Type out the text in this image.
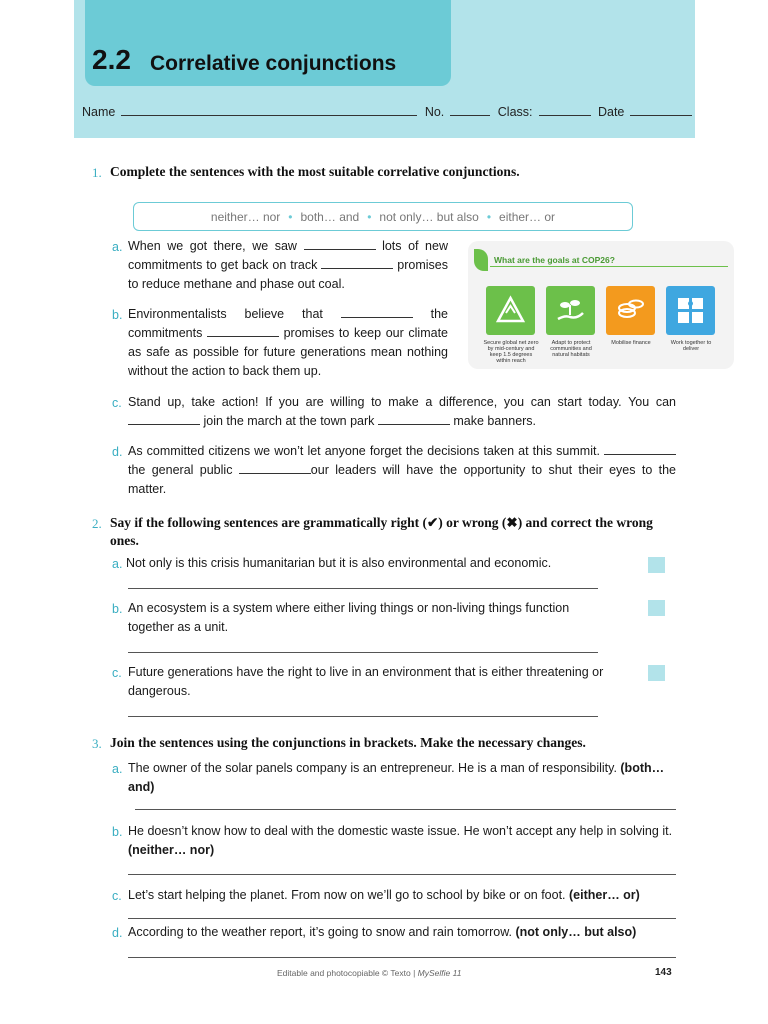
2.2 Correlative conjunctions
Name	No.	Class:	Date
1. Complete the sentences with the most suitable correlative conjunctions.
neither… nor • both… and • not only… but also • either… or
a. When we got there, we saw	lots of new commitments to get back on track	promises to reduce methane and phase out coal.
b. Environmentalists believe that	the commitments	promises to keep our climate as safe as possible for future generations mean nothing without the action to back them up.
What are the goals at COP26?
Secure global net zero by mid-century and keep 1.5 degrees within reach
Adapt to protect communities and natural habitats
Mobilise finance	Work together to deliver
c. Stand up, take action! If you are willing to make a difference, you can start today. You can  join the march at the town park	make banners.
d. As committed citizens we won’t let anyone forget the decisions taken at this summit.  the general public	our leaders will have the opportunity to shut their eyes to the matter.
2. Say if the following sentences are grammatically right (✔) or wrong (✖) and correct the wrong ones.
a. Not only is this crisis humanitarian but it is also environmental and economic.
b. An ecosystem is a system where either living things or non-living things function together as a unit.
c. Future generations have the right to live in an environment that is either threatening or dangerous.
3. Join the sentences using the conjunctions in brackets. Make the necessary changes.
a. The owner of the solar panels company is an entrepreneur. He is a man of responsibility. (both… and)
b. He doesn’t know how to deal with the domestic waste issue. He won’t accept any help in solving it. (neither… nor)
c. Let’s start helping the planet. From now on we’ll go to school by bike or on foot. (either… or)
d. According to the weather report, it’s going to snow and rain tomorrow. (not only… but also)
Editable and photocopiable © Texto | MySelfie 11	143
